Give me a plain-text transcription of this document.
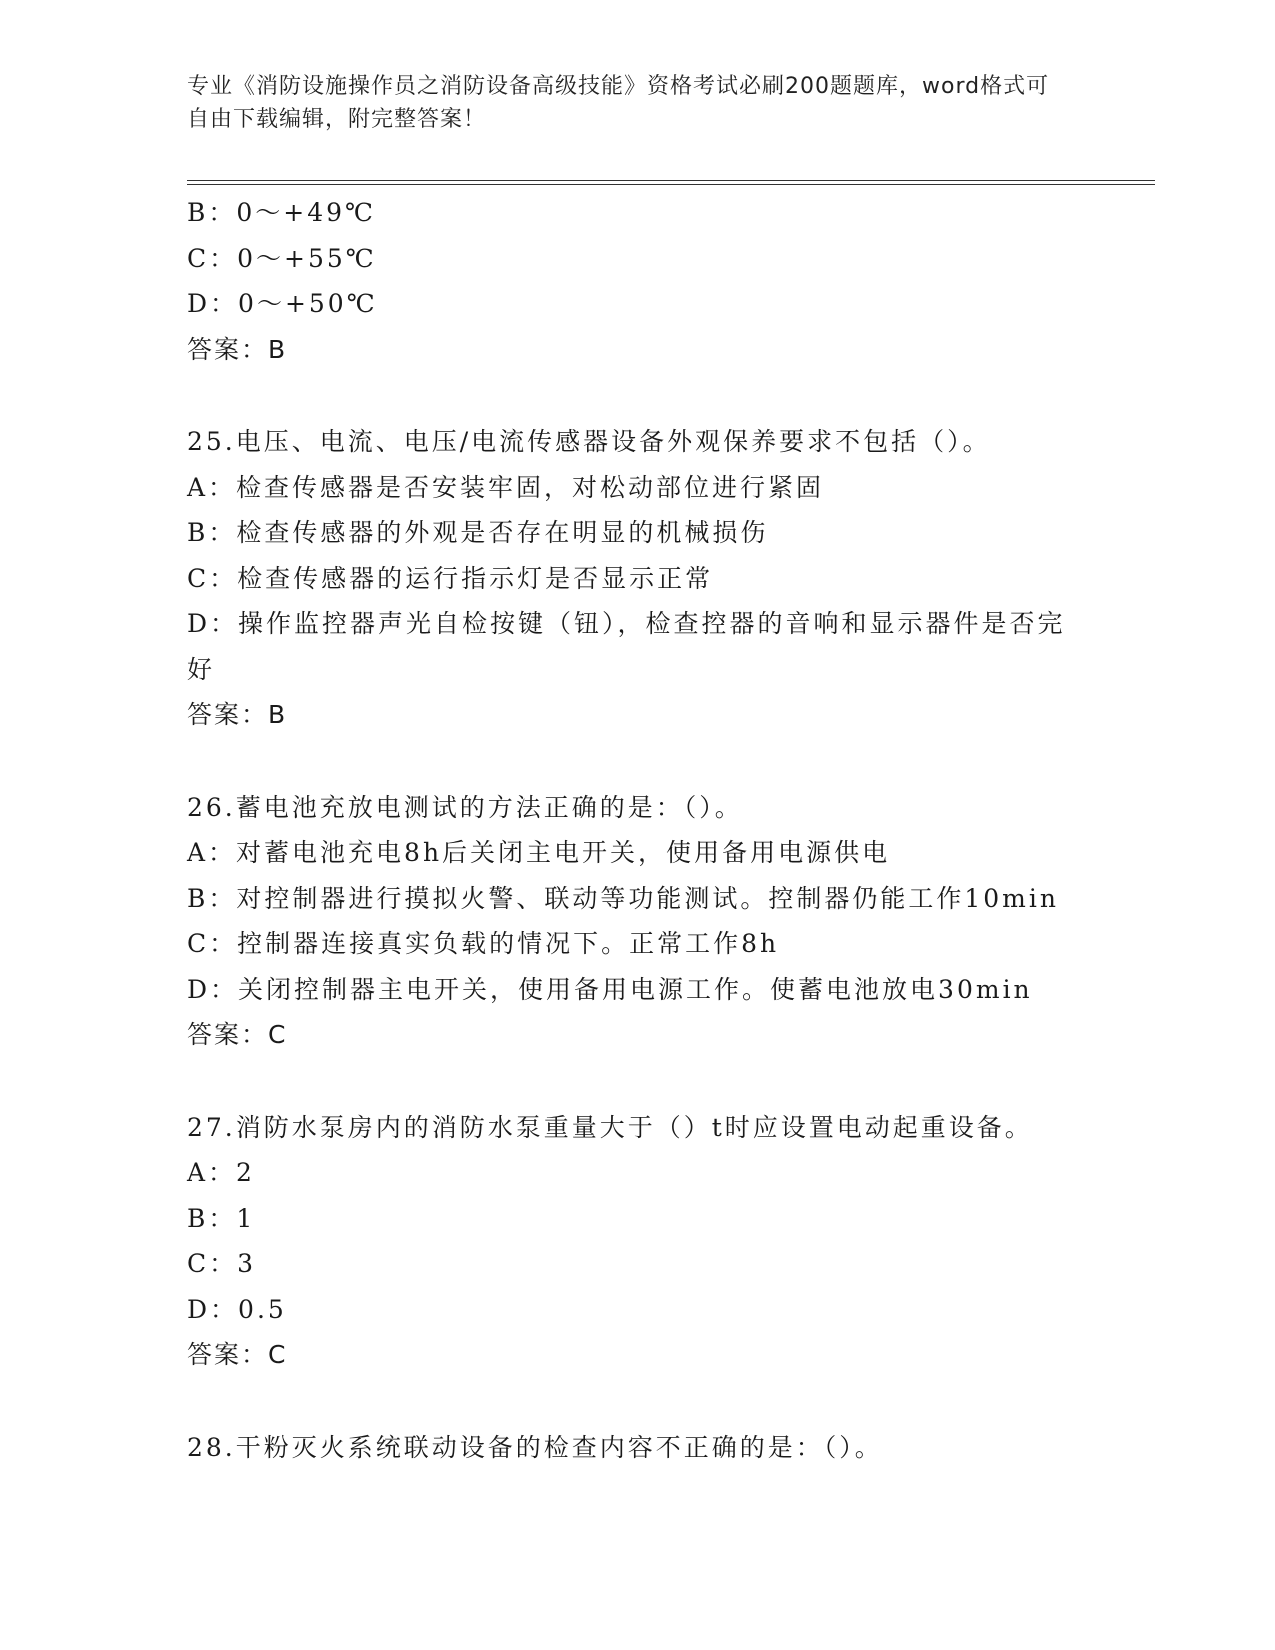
专业《消防设施操作员之消防设备高级技能》资格考试必刷200题题库，word格式可自由下载编辑，附完整答案！
B：0～+49℃
C：0～+55℃
D：0～+50℃
答案：B
25.电压、电流、电压/电流传感器设备外观保养要求不包括（）。
A：检查传感器是否安装牢固，对松动部位进行紧固
B：检查传感器的外观是否存在明显的机械损伤
C：检查传感器的运行指示灯是否显示正常
D：操作监控器声光自检按键（钮），检查控器的音响和显示器件是否完好
答案：B
26.蓄电池充放电测试的方法正确的是：（）。
A：对蓄电池充电8h后关闭主电开关，使用备用电源供电
B：对控制器进行摸拟火警、联动等功能测试。控制器仍能工作10min
C：控制器连接真实负载的情况下。正常工作8h
D：关闭控制器主电开关，使用备用电源工作。使蓄电池放电30min
答案：C
27.消防水泵房内的消防水泵重量大于（）t时应设置电动起重设备。
A：2
B：1
C：3
D：0.5
答案：C
28.干粉灭火系统联动设备的检查内容不正确的是：（）。
